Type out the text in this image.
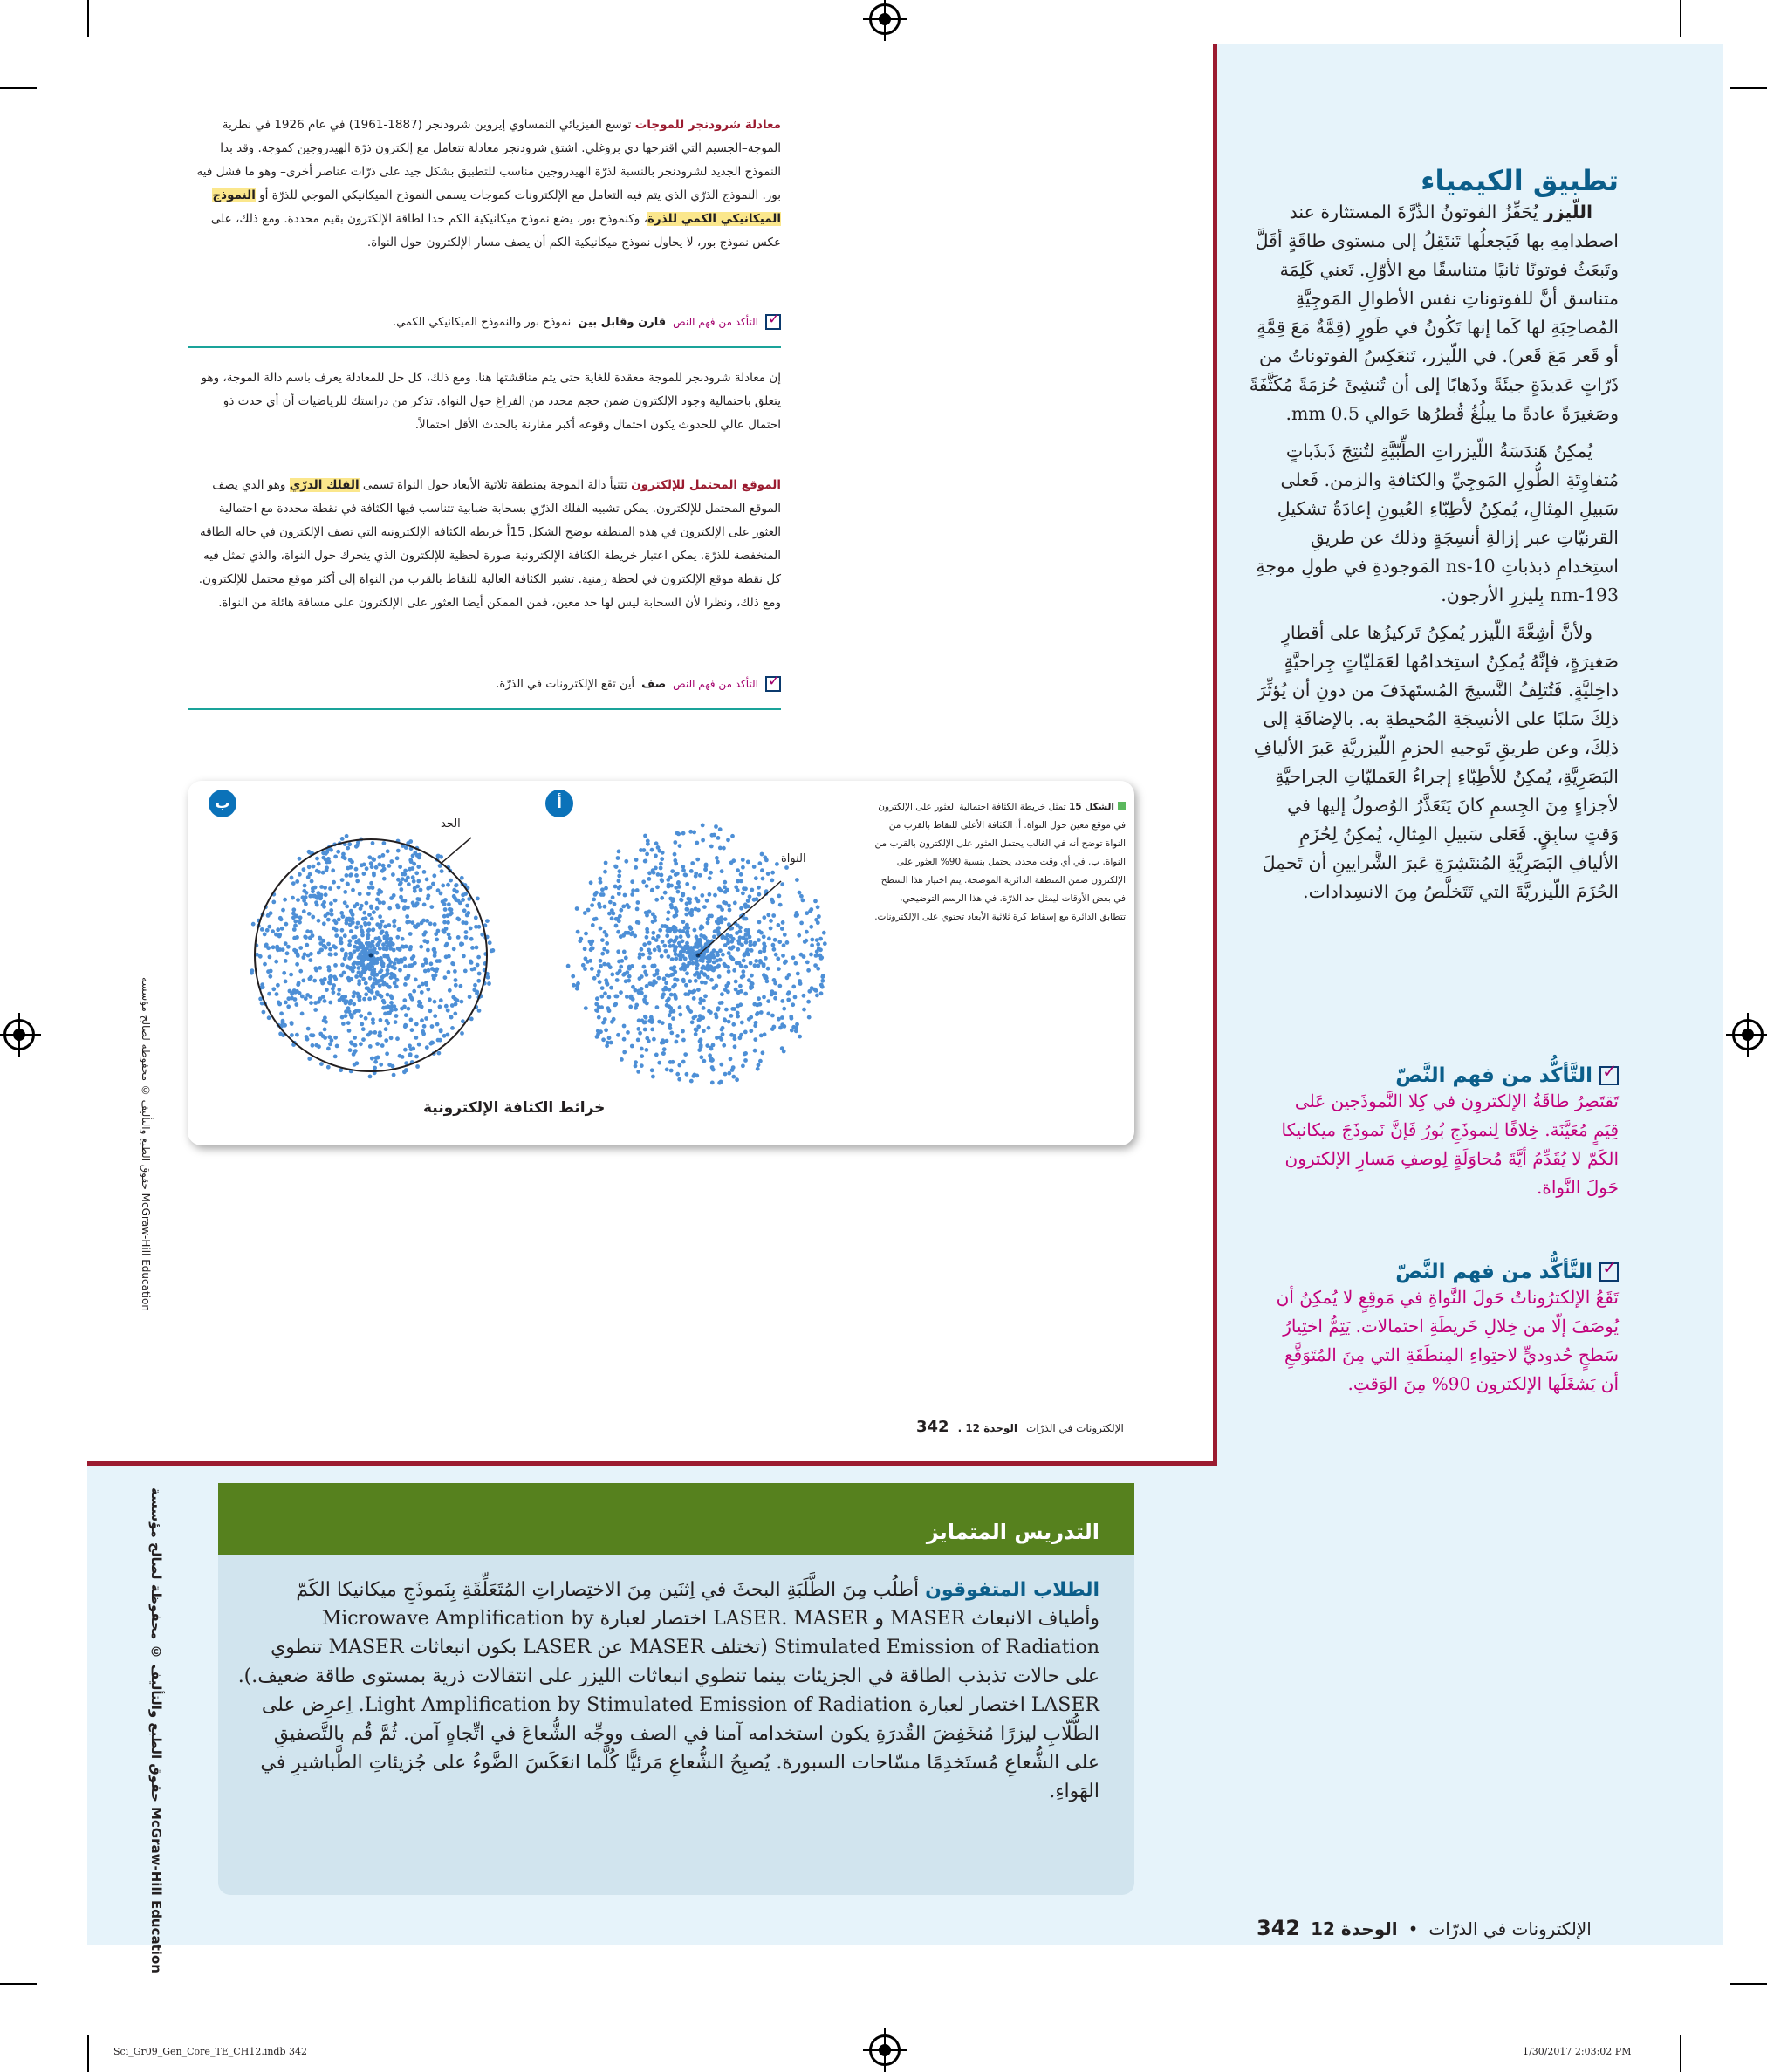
معادلة شرودنجر للموجات توسع الفيزيائي النمساوي إيروين شرودنجر (1887-1961) في عام 1926 في نظرية الموجة–الجسيم التي اقترحها دي بروغلي. اشتق شرودنجر معادلة تتعامل مع إلكترون ذرّة الهيدروجين كموجة. وقد بدا النموذج الجديد لشرودنجر بالنسبة لذرّة الهيدروجين مناسب للتطبيق بشكل جيد على ذرّات عناصر أخرى– وهو ما فشل فيه بور. النموذج الذرّي الذي يتم فيه التعامل مع الإلكترونات كموجات يسمى النموذج الميكانيكي الموجي للذرّة أو النموذج الميكانيكي الكمي للذرة، وكنموذج بور، يضع نموذج ميكانيكية الكم حدا لطاقة الإلكترون بقيم محددة. ومع ذلك، على عكس نموذج بور، لا يحاول نموذج ميكانيكية الكم أن يصف مسار الإلكترون حول النواة.
✓
التأكد من فهم النص
قارن وقابل بين
نموذج بور والنموذج الميكانيكي الكمي.
إن معادلة شرودنجر للموجة معقدة للغاية حتى يتم مناقشتها هنا. ومع ذلك، كل حل للمعادلة يعرف باسم دالة الموجة، وهو يتعلق باحتمالية وجود الإلكترون ضمن حجم محدد من الفراغ حول النواة. تذكر من دراستك للرياضيات أن أي حدث ذو احتمال عالي للحدوث يكون احتمال وقوعه أكبر مقارنة بالحدث الأقل احتمالاً.
الموقع المحتمل للإلكترون تتنبأ دالة الموجة بمنطقة ثلاثية الأبعاد حول النواة تسمى الفلك الذرّي وهو الذي يصف الموقع المحتمل للإلكترون. يمكن تشبيه الفلك الذرّي بسحابة ضبابية تتناسب فيها الكثافة في نقطة محددة مع احتمالية العثور على الإلكترون في هذه المنطقة يوضح الشكل 15أ خريطة الكثافة الإلكترونية التي تصف الإلكترون في حالة الطاقة المنخفضة للذرّة. يمكن اعتبار خريطة الكثافة الإلكترونية صورة لحظية للإلكترون الذي يتحرك حول النواة، والذي تمثل فيه كل نقطة موقع الإلكترون في لحظة زمنية. تشير الكثافة العالية للنقاط بالقرب من النواة إلى أكثر موقع محتمل للإلكترون. ومع ذلك، ونظرا لأن السحابة ليس لها حد معين، فمن الممكن أيضا العثور على الإلكترون على مسافة هائلة من النواة.
✓
التأكد من فهم النص
صف
أين تقع الإلكترونات في الذرّة.
ب	أ
النواة
الحد
الشكل 15 تمثل خريطة الكثافة احتمالية العثور على الإلكترون في موقع معين حول النواة. أ. الكثافة الأعلى للنقاط بالقرب من النواة توضح أنه في الغالب يحتمل العثور على الإلكترون بالقرب من النواة. ب. في أي وقت محدد، يحتمل بنسبة 90% العثور على الإلكترون ضمن المنطقة الدائرية الموضحة. يتم اختيار هذا السطح في بعض الأوقات ليمثل حد الذرّة. في هذا الرسم التوضيحي، تتطابق الدائرة مع إسقاط كرة ثلاثية الأبعاد تحتوي على الإلكترونات.
خرائط الكثافة الإلكترونية
الإلكترونات في الذرّات
الوحدة 12 .
342
حقوق الطبع والتأليف © محفوظة لصالح مؤسسة McGraw-Hill Education
حقوق الطبع والتأليف © محفوظة لصالح مؤسسة McGraw-Hill Education
تطبيق الكيمياء

اللّيزر يُحَفِّزُ الفوتونُ الذّرَّةَ المستثارة عند اصطدامِهِ بها فَيَجعلُها تَنتَقِلُ إلى مستوى طاقَةٍ أقَلَّ وتَبعَثُ فوتونًا ثانيًا متناسقًا مع الأوّلِ. تَعني كَلِمَة متناسق أنَّ للفوتوناتِ نفس الأطوالِ المَوجِيَّةِ المُصاحِبَةِ لها كَما إنها تَكُونُ في طَورٍ (قِمَّةٌ مَعَ قِمَّةٍ أو قَعر مَعَ قَعر). في اللّيزر، تَنعَكِسُ الفوتوناتُ من ذَرّاتٍ عَديدَةٍ جيئَةً وذَهابًا إلى أن تُنشِئَ حُزمَةً مُكَثَّفَةً وصَغيرَةً عادةً ما يبلُغُ قُطرُها حَوالي 0.5 mm.

يُمكِنُ هَندَسَةُ اللّيزراتِ الطِّبّيَّةِ لتُنتِجَ ذَبذَباتٍ مُتفاوِتَةِ الطُّولِ المَوجِيِّ والكثافةِ والزمن. فَعلى سَبيلِ المِثالِ، يُمكِنُ لأطِبّاءِ العُيونِ إعادَةُ تشكيلِ القرنيّاتِ عبر إزالةِ أنسِجَةٍ وذلك عن طريقِ استِخدامِ ذبذباتِ 10-ns المَوجودةِ في طولِ موجةِ 193-nm بِليزرِ الأرجون.

ولأنَّ أشِعَّةَ اللّيزر يُمكِنُ تَركيزُها على أقطارٍ صَغيرَةٍ، فإنَّهُ يُمكِنُ استِخدامُها لعَمَليّاتٍ جِراحيَّةٍ داخِليَّةٍ. فَتُتلِفُ النَّسيجَ المُستَهدَفَ من دونِ أن يُؤثِّرَ ذلِكَ سَلبًا على الأنسِجَةِ المُحيطةِ به. بالإضافَةِ إلى ذلِكَ، وعن طريقِ تَوجيهِ الحزمِ اللّيزريَّةِ عَبرَ الأليافِ البَصَرِيَّةِ، يُمكِنُ للأطِبّاءِ إجراءُ العَمليّاتِ الجراحيَّةِ لأجزاءٍ مِنَ الجِسمِ كانَ يَتَعَذَّرُ الوُصولُ إليها في وَقتٍ سابِقٍ. فَعَلى سَبيلِ المِثالِ، يُمكِنُ لِحُزَمِ الأليافِ البَصَرِيَّةِ المُنتَشِرَةِ عَبرَ الشَّرايينِ أن تَحمِلَ الحُزَمَ اللّيزريَّةَ التي تَتَخلَّصُ مِنَ الانسِدادات.

✓
التَّأكُّد من فهم النَّصّ
تَقتَصِرُ طاقَةُ الإلكتروِن في كِلا النَّموذَجين عَلى قِيَمٍ مُعَيَّنَة. خِلافًا لِنموذَجِ بُورُ فَإنَّ نَموذَجَ ميكانيكا الكَمّ لا يُقَدِّمُ أيَّةَ مُحاوَلَةٍ لِوصفِ مَسارِ الإلكترون حَولَ النَّواة.
✓
التَّأكُّد من فهم النَّصّ
تَقَعُ الإلكترُوناتُ حَولَ النَّواةِ في مَوقِعٍ لا يُمكِنُ أن يُوصَفَ إلّا من خِلالِ خَريطَةِ احتمالات. يَتِمُّ اختِيارُ سَطحٍ حُدوديٍّ لاحتِواءِ المِنطَقَةِ التي مِنَ المُتَوَقَّعِ أن يَشغَلَها الإلكترون 90% مِنَ الوَقتِ.
التدريس المتمايز
الطلاب المتفوقون أطلُب مِنَ الطَّلَبَةِ البحثَ في اِثنَين مِنَ الاختِصاراتِ المُتَعَلِّقَةِ بِنَموذَجِ ميكانيكا الكَمّ وأطياف الانبعاث MASER و LASER. MASER اختصار لعبارة Microwave Amplification by Stimulated Emission of Radiation (تختلف MASER عن LASER بكون انبعاثات MASER تنطوي على حالات تذبذب الطاقة في الجزيئات بينما تنطوي انبعاثات الليزر على انتقالات ذرية بمستوى طاقة ضعيف.). LASER اختصار لعبارة Light Amplification by Stimulated Emission of Radiation. اِعرِض على الطُّلّابِ ليزرًا مُنخَفِضَ القُدرَةِ يكون استخدامه آمنا في الصف ووجِّه الشُّعاعَ في اتِّجاهٍ آمن. ثُمَّ قُم بالتَّصفيقِ على الشُّعاعِ مُستَخدِمًا مسّاحات السبورة. يُصبِحُ الشُّعاعِ مَرئيًّا كُلَّما انعَكَسَ الضَّوءُ على جُزيئاتِ الطَّباشيرِ في الهَواءِ.
الإلكترونات في الذرّات
•
الوحدة 12
342
Sci_Gr09_Gen_Core_TE_CH12.indb 342	1/30/2017 2:03:02 PM
